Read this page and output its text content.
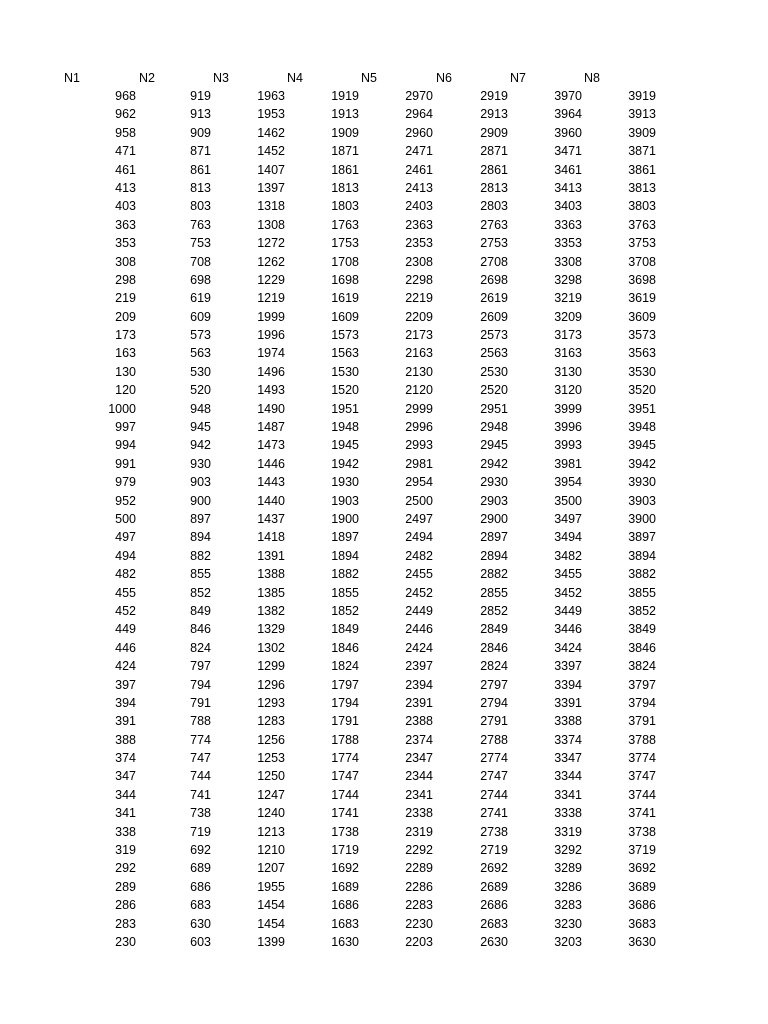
N1	N2	N3	N4	N5	N6	N7	N8
968	919	1963	1919	2970	2919	3970	3919
962	913	1953	1913	2964	2913	3964	3913
958	909	1462	1909	2960	2909	3960	3909
471	871	1452	1871	2471	2871	3471	3871
461	861	1407	1861	2461	2861	3461	3861
413	813	1397	1813	2413	2813	3413	3813
403	803	1318	1803	2403	2803	3403	3803
363	763	1308	1763	2363	2763	3363	3763
353	753	1272	1753	2353	2753	3353	3753
308	708	1262	1708	2308	2708	3308	3708
298	698	1229	1698	2298	2698	3298	3698
219	619	1219	1619	2219	2619	3219	3619
209	609	1999	1609	2209	2609	3209	3609
173	573	1996	1573	2173	2573	3173	3573
163	563	1974	1563	2163	2563	3163	3563
130	530	1496	1530	2130	2530	3130	3530
120	520	1493	1520	2120	2520	3120	3520
1000	948	1490	1951	2999	2951	3999	3951
997	945	1487	1948	2996	2948	3996	3948
994	942	1473	1945	2993	2945	3993	3945
991	930	1446	1942	2981	2942	3981	3942
979	903	1443	1930	2954	2930	3954	3930
952	900	1440	1903	2500	2903	3500	3903
500	897	1437	1900	2497	2900	3497	3900
497	894	1418	1897	2494	2897	3494	3897
494	882	1391	1894	2482	2894	3482	3894
482	855	1388	1882	2455	2882	3455	3882
455	852	1385	1855	2452	2855	3452	3855
452	849	1382	1852	2449	2852	3449	3852
449	846	1329	1849	2446	2849	3446	3849
446	824	1302	1846	2424	2846	3424	3846
424	797	1299	1824	2397	2824	3397	3824
397	794	1296	1797	2394	2797	3394	3797
394	791	1293	1794	2391	2794	3391	3794
391	788	1283	1791	2388	2791	3388	3791
388	774	1256	1788	2374	2788	3374	3788
374	747	1253	1774	2347	2774	3347	3774
347	744	1250	1747	2344	2747	3344	3747
344	741	1247	1744	2341	2744	3341	3744
341	738	1240	1741	2338	2741	3338	3741
338	719	1213	1738	2319	2738	3319	3738
319	692	1210	1719	2292	2719	3292	3719
292	689	1207	1692	2289	2692	3289	3692
289	686	1955	1689	2286	2689	3286	3689
286	683	1454	1686	2283	2686	3283	3686
283	630	1454	1683	2230	2683	3230	3683
230	603	1399	1630	2203	2630	3203	3630
